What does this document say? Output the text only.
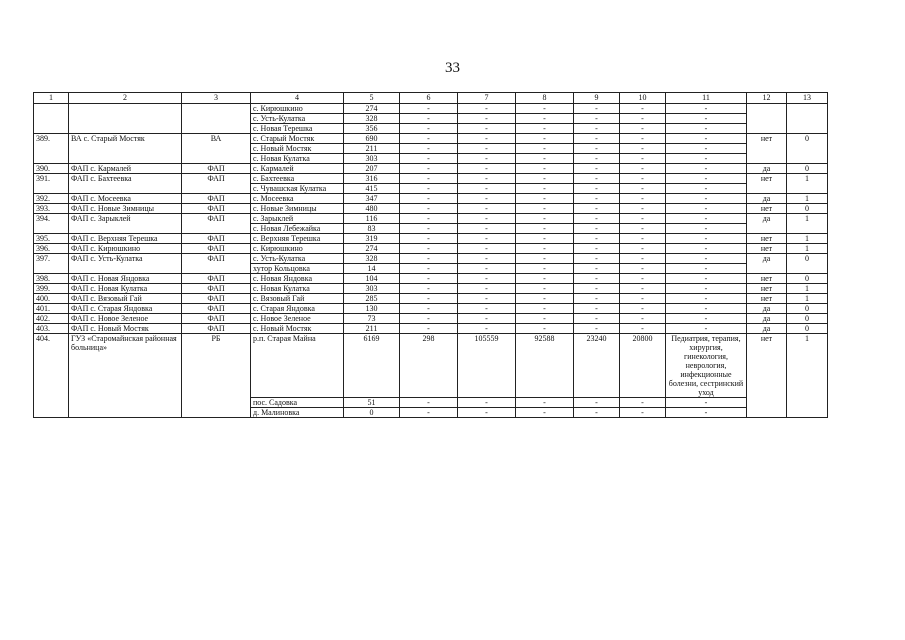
33
1	2	3	4	5	6	7	8	9	10	11	12	13
			с. Кирюшкино	274	-	-	-	-	-	-		
			с. Усть-Кулатка	328	-	-	-	-	-	-		
			с. Новая Терешка	356	-	-	-	-	-	-		
389.	ВА с. Старый Мостяк	ВА	с. Старый Мостяк	690	-	-	-	-	-	-	нет	0
			с. Новый Мостяк	211	-	-	-	-	-	-		
			с. Новая Кулатка	303	-	-	-	-	-	-		
390.	ФАП с. Кармалей	ФАП	с. Кармалей	207	-	-	-	-	-	-	да	0
391.	ФАП с. Бахтеевка	ФАП	с. Бахтеевка	316	-	-	-	-	-	-	нет	1
			с. Чувашская Кулатка	415	-	-	-	-	-	-		
392.	ФАП с. Мосеевка	ФАП	с. Мосеевка	347	-	-	-	-	-	-	да	1
393.	ФАП с. Новые Зимницы	ФАП	с. Новые Зимницы	480	-	-	-	-	-	-	нет	0
394.	ФАП с. Зарыклей	ФАП	с. Зарыклей	116	-	-	-	-	-	-	да	1
			с. Новая Лебежайка	83	-	-	-	-	-	-		
395.	ФАП с. Верхняя Терешка	ФАП	с. Верхняя Терешка	319	-	-	-	-	-	-	нет	1
396.	ФАП с. Кирюшкино	ФАП	с. Кирюшкино	274	-	-	-	-	-	-	нет	1
397.	ФАП с. Усть-Кулатка	ФАП	с. Усть-Кулатка	328	-	-	-	-	-	-	да	0
			хутор Кольцовка	14	-	-	-	-	-	-		
398.	ФАП с. Новая Яндовка	ФАП	с. Новая Яндовка	104	-	-	-	-	-	-	нет	0
399.	ФАП с. Новая Кулатка	ФАП	с. Новая Кулатка	303	-	-	-	-	-	-	нет	1
400.	ФАП с. Вязовый Гай	ФАП	с. Вязовый Гай	285	-	-	-	-	-	-	нет	1
401.	ФАП с. Старая Яндовка	ФАП	с. Старая Яндовка	130	-	-	-	-	-	-	да	0
402.	ФАП с. Новое Зеленое	ФАП	с. Новое Зеленое	73	-	-	-	-	-	-	да	0
403.	ФАП с. Новый Мостяк	ФАП	с. Новый Мостяк	211	-	-	-	-	-	-	да	0
404.	ГУЗ «Старомайнская районная больница»	РБ	р.п. Старая Майна	6169	298	105559	92588	23240	20800	Педиатрия, терапия, хирургия, гинекология, неврология, инфекционные болезни, сестринский уход	нет	1
			пос. Садовка	51	-	-	-	-	-	-		
			д. Малиновка	0	-	-	-	-	-	-		
